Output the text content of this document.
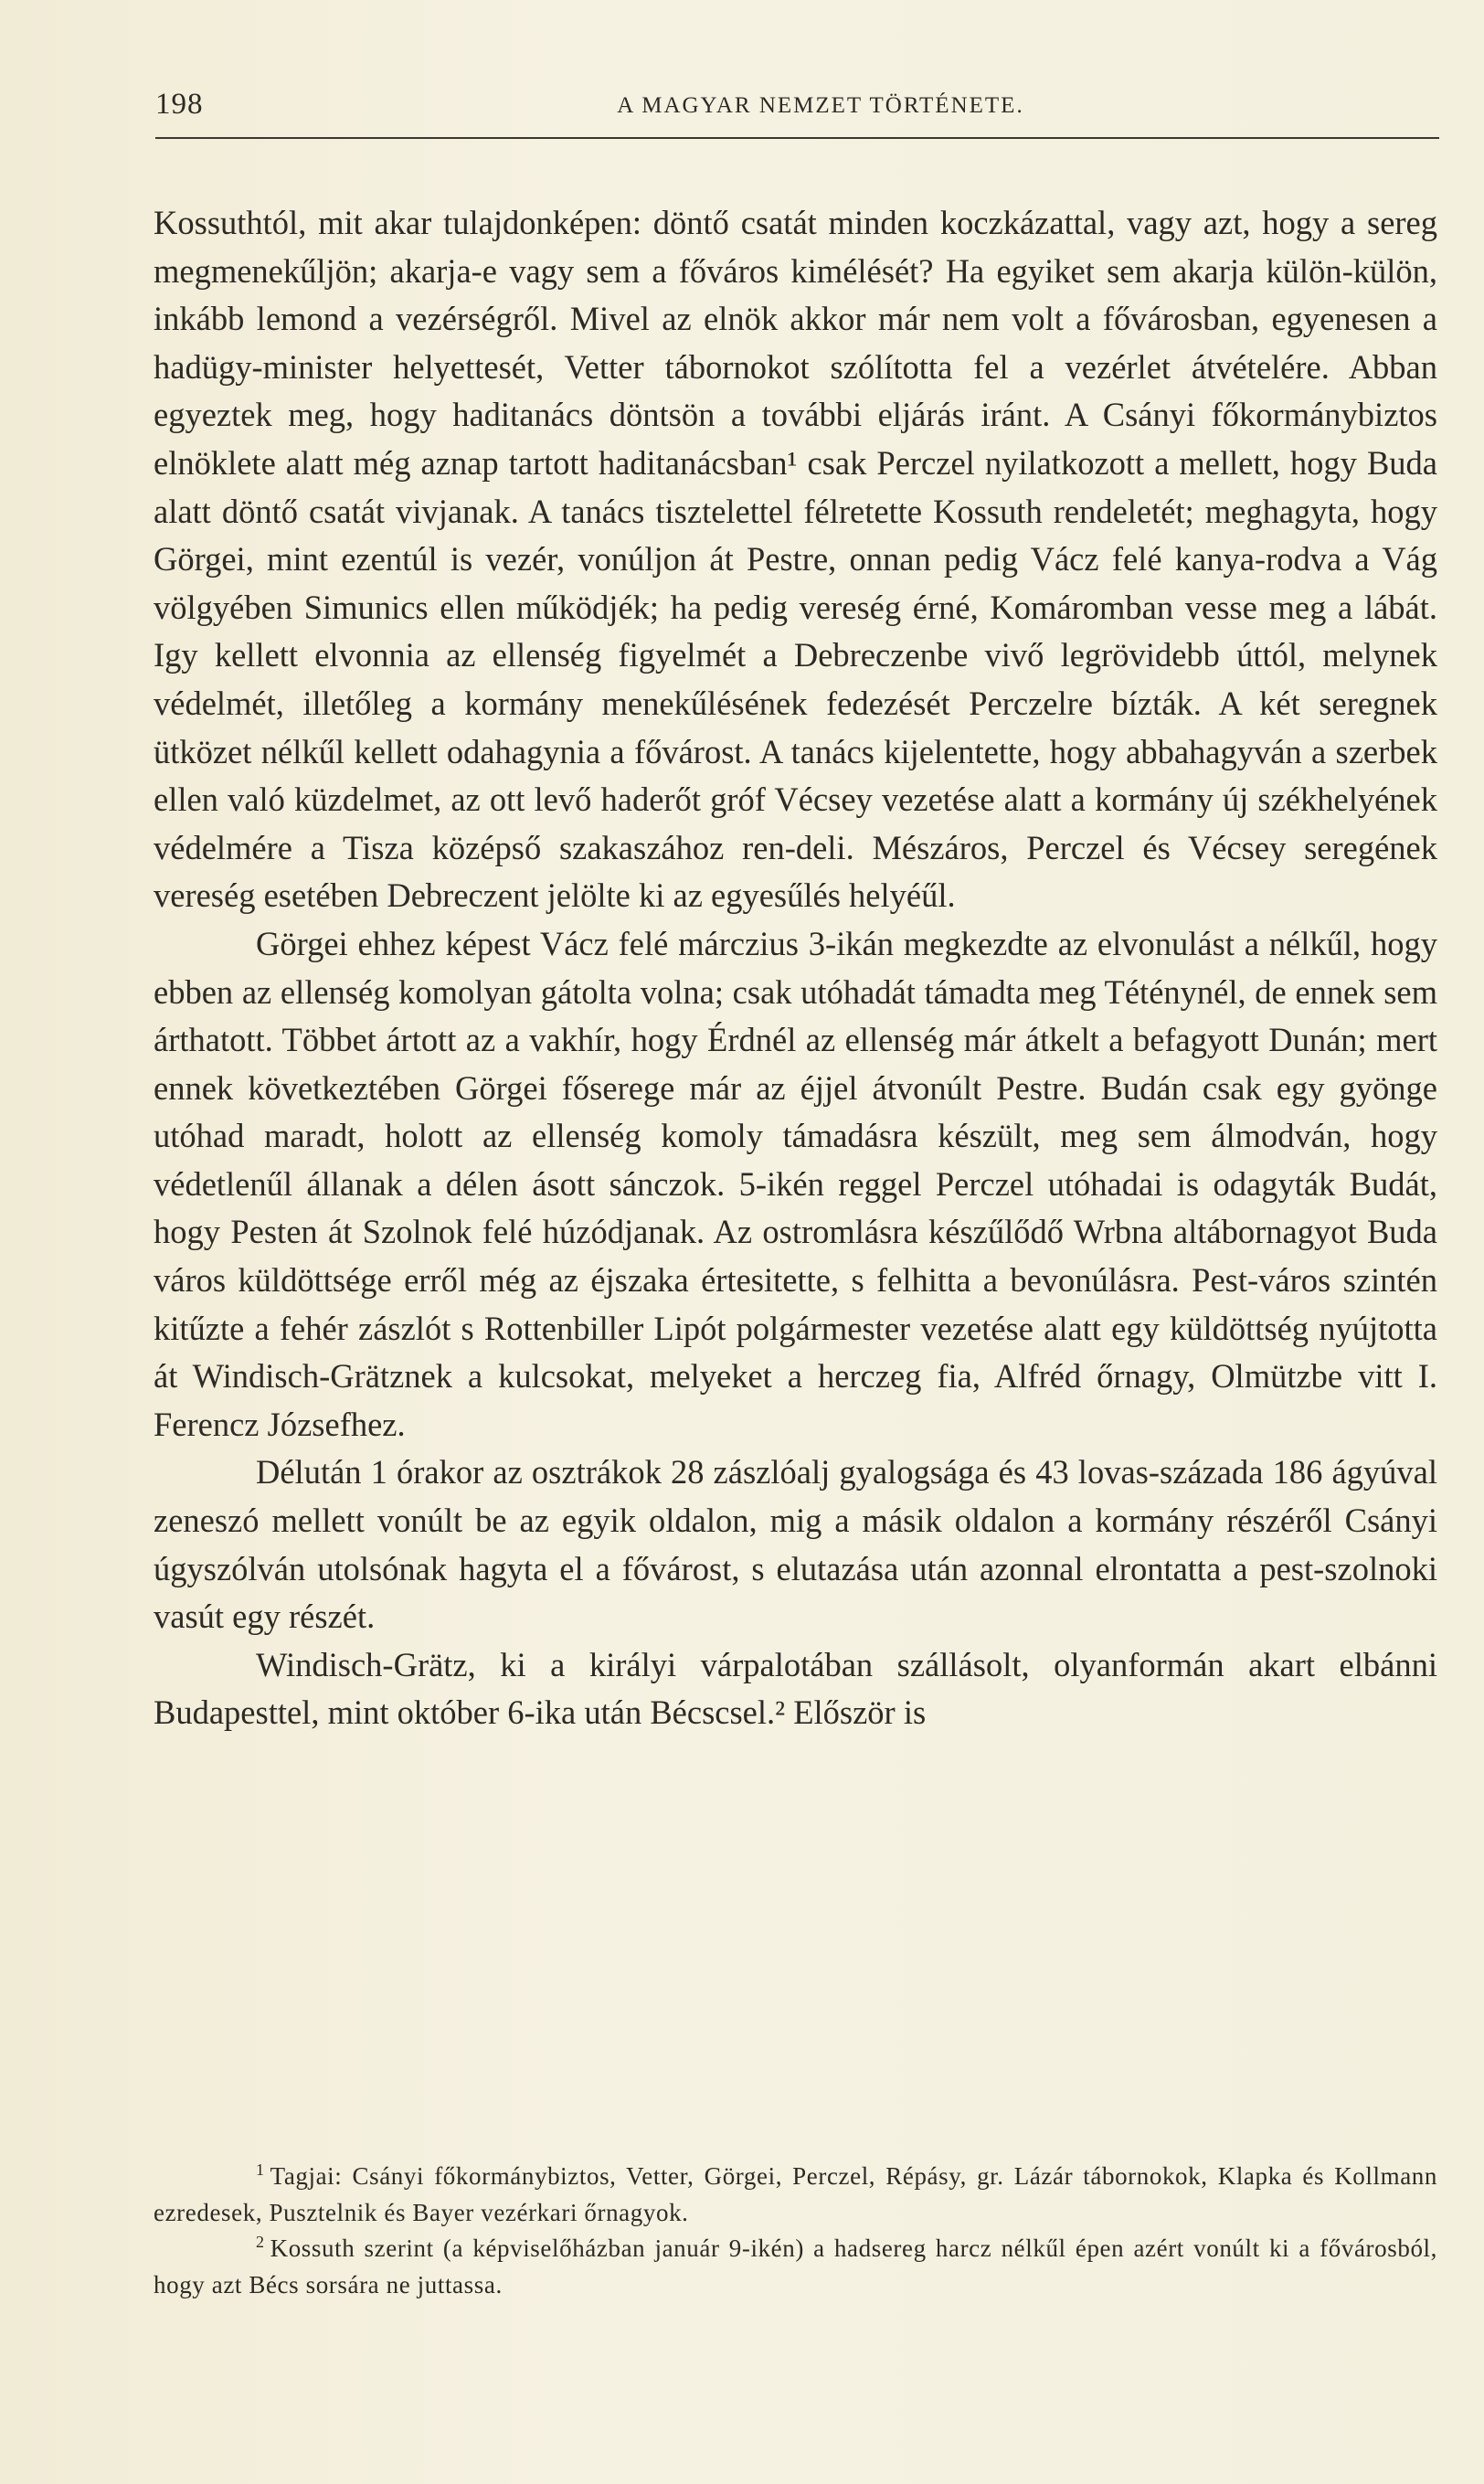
198	A MAGYAR NEMZET TÖRTÉNETE.

Kossuthtól, mit akar tulajdonképen: döntő csatát minden koczkázattal, vagy azt, hogy a sereg megmenekűljön; akarja-e vagy sem a főváros kimélését? Ha egyiket sem akarja külön-külön, inkább lemond a vezérségről. Mivel az elnök akkor már nem volt a fővárosban, egyenesen a hadügy-minister helyettesét, Vetter tábornokot szólította fel a vezérlet átvételére. Abban egyeztek meg, hogy haditanács döntsön a további eljárás iránt. A Csányi főkormánybiztos elnöklete alatt még aznap tartott haditanácsban¹ csak Perczel nyilatkozott a mellett, hogy Buda alatt döntő csatát vivjanak. A tanács tisztelettel félretette Kossuth rendeletét; meghagyta, hogy Görgei, mint ezentúl is vezér, vonúljon át Pestre, onnan pedig Vácz felé kanya-rodva a Vág völgyében Simunics ellen működjék; ha pedig vereség érné, Komáromban vesse meg a lábát. Igy kellett elvonnia az ellenség figyelmét a Debreczenbe vivő legrövidebb úttól, melynek védelmét, illetőleg a kormány menekűlésének fedezését Perczelre bízták. A két seregnek ütközet nélkűl kellett odahagynia a fővárost. A tanács kijelentette, hogy abbahagyván a szerbek ellen való küzdelmet, az ott levő haderőt gróf Vécsey vezetése alatt a kormány új székhelyének védelmére a Tisza középső szakaszához ren-deli. Mészáros, Perczel és Vécsey seregének vereség esetében Debreczent jelölte ki az egyesűlés helyéűl.

Görgei ehhez képest Vácz felé márczius 3-ikán megkezdte az elvonulást a nélkűl, hogy ebben az ellenség komolyan gátolta volna; csak utóhadát támadta meg Téténynél, de ennek sem árthatott. Többet ártott az a vakhír, hogy Érdnél az ellenség már átkelt a befagyott Dunán; mert ennek következtében Görgei főserege már az éjjel átvonúlt Pestre. Budán csak egy gyönge utóhad maradt, holott az ellenség komoly támadásra készült, meg sem álmodván, hogy védetlenűl állanak a délen ásott sánczok. 5-ikén reggel Perczel utóhadai is odagyták Budát, hogy Pesten át Szolnok felé húzódjanak. Az ostromlásra készűlődő Wrbna altábornagyot Buda város küldöttsége erről még az éjszaka értesitette, s felhitta a bevonúlásra. Pest-város szintén kitűzte a fehér zászlót s Rottenbiller Lipót polgármester vezetése alatt egy küldöttség nyújtotta át Windisch-Grätznek a kulcsokat, melyeket a herczeg fia, Alfréd őrnagy, Olmützbe vitt I. Ferencz Józsefhez.

Délután 1 órakor az osztrákok 28 zászlóalj gyalogsága és 43 lovas-százada 186 ágyúval zeneszó mellett vonúlt be az egyik oldalon, mig a másik oldalon a kormány részéről Csányi úgyszólván utolsónak hagyta el a fővárost, s elutazása után azonnal elrontatta a pest-szolnoki vasút egy részét.

Windisch-Grätz, ki a királyi várpalotában szállásolt, olyanformán akart elbánni Budapesttel, mint október 6-ika után Bécscsel.² Először is

$^1$ Tagjai: Csányi főkormánybiztos, Vetter, Görgei, Perczel, Répásy, gr. Lázár tábornokok, Klapka és Kollmann ezredesek, Pusztelnik és Bayer vezérkari őrnagyok.

$^2$ Kossuth szerint (a képviselőházban január 9-ikén) a hadsereg harcz nélkűl épen azért vonúlt ki a fővárosból, hogy azt Bécs sorsára ne juttassa.
